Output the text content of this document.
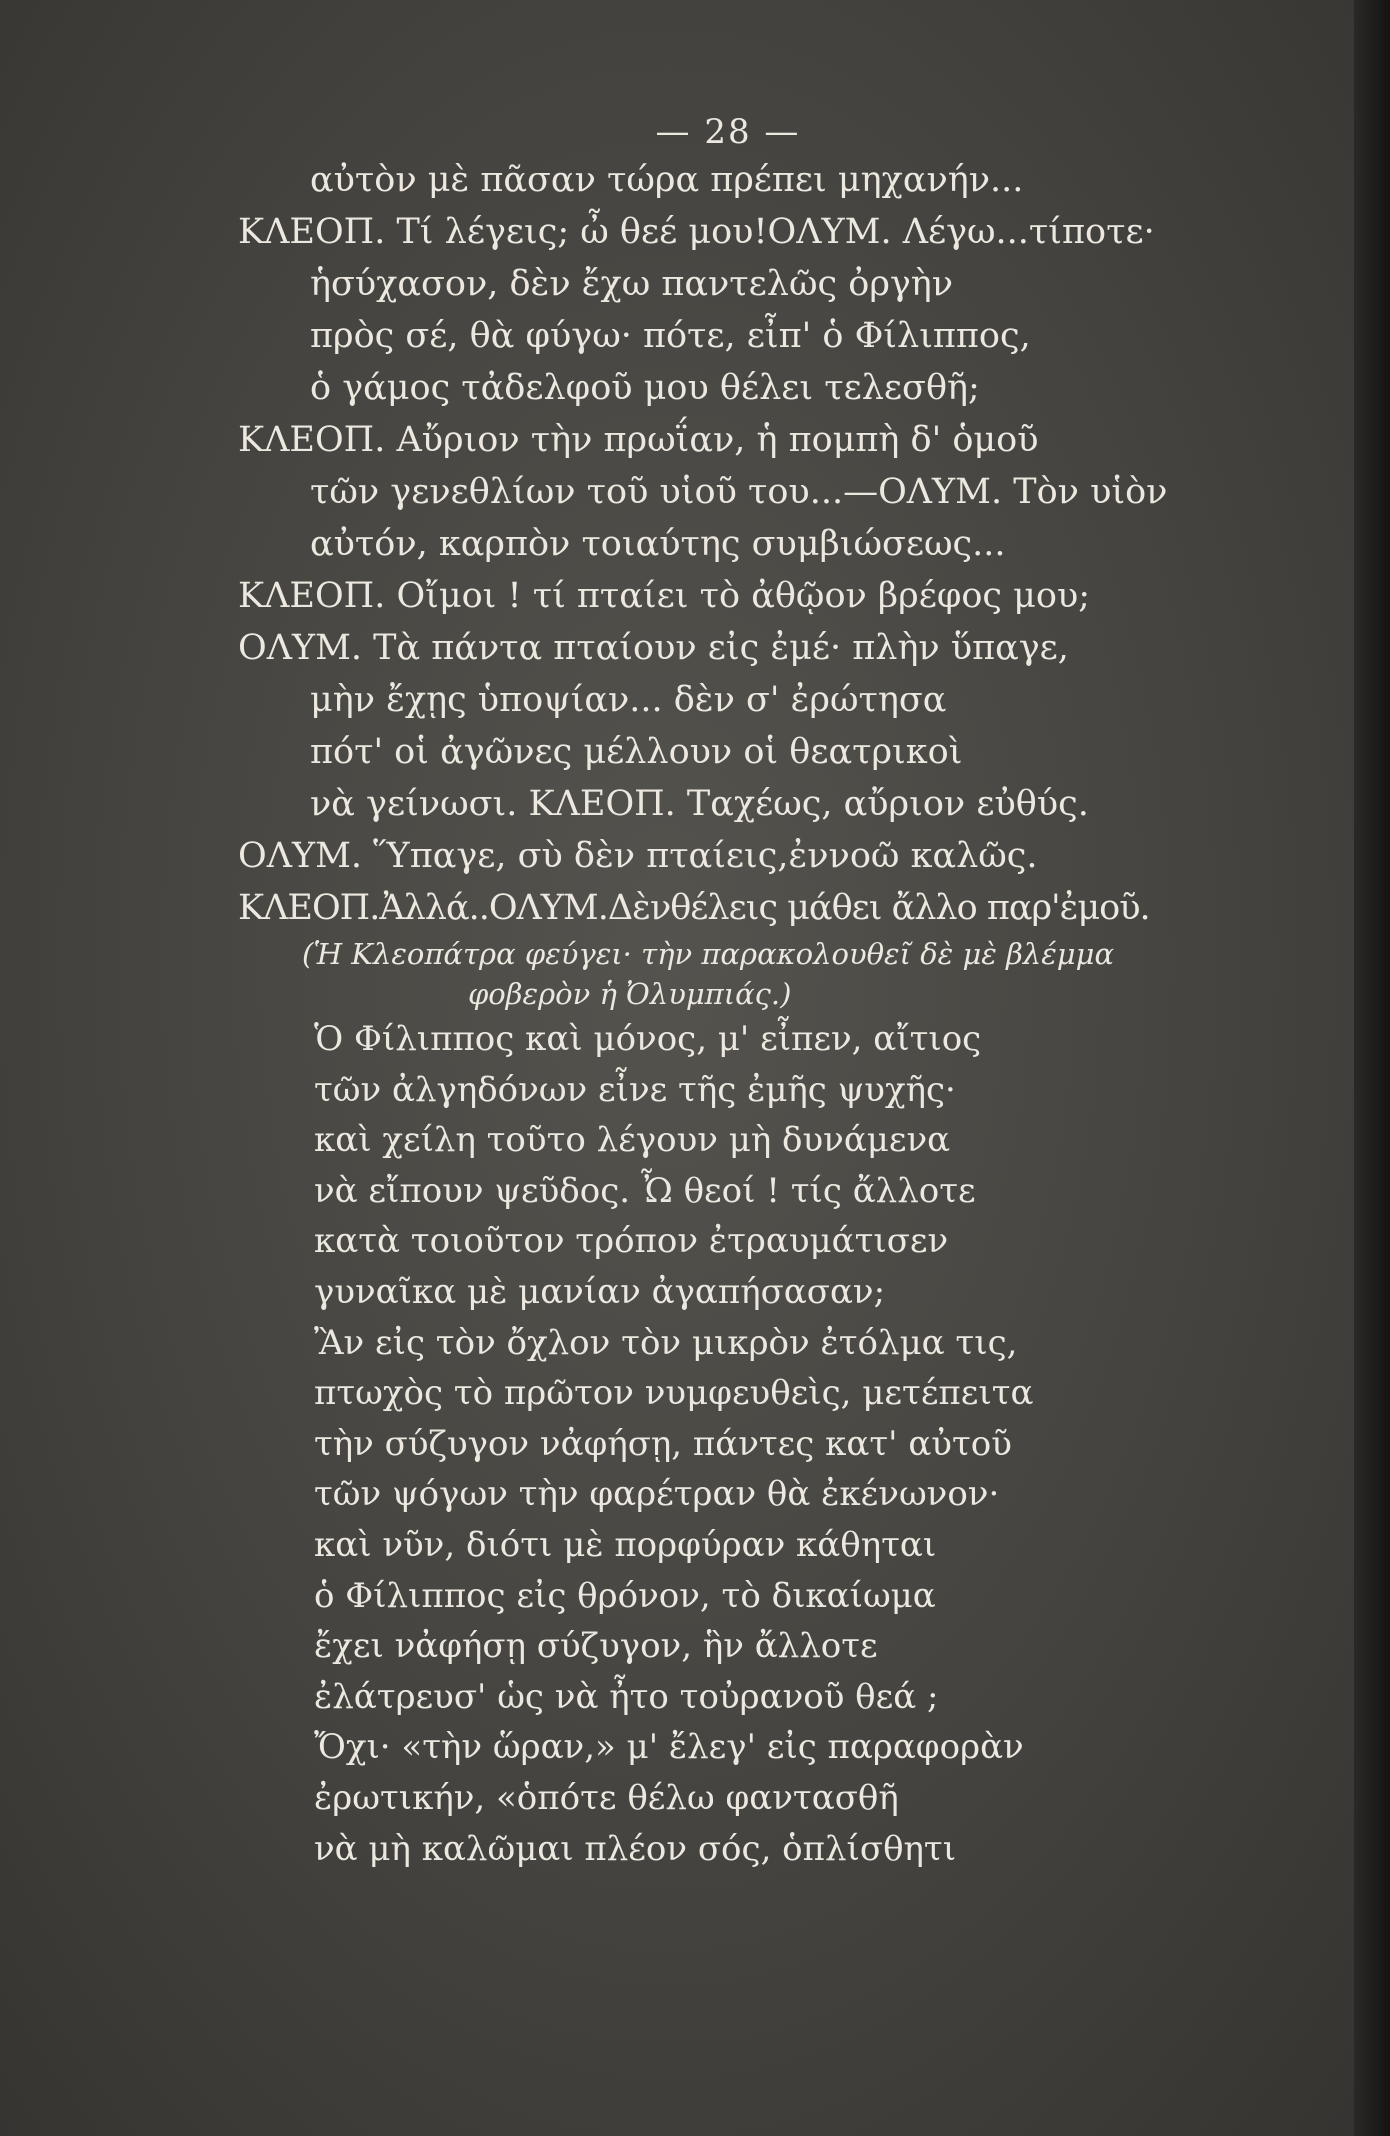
— 28 —
αὐτὸν μὲ πᾶσαν τώρα πρέπει μηχανήν...
ΚΛΕΟΠ. Τί λέγεις; ὦ θεέ μου!ΟΛΥΜ. Λέγω...τίποτε·
ἡσύχασον, δὲν ἔχω παντελῶς ὀργὴν
πρὸς σέ, θὰ φύγω· πότε, εἶπ' ὁ Φίλιππος,
ὁ γάμος τἀδελφοῦ μου θέλει τελεσθῆ;
ΚΛΕΟΠ. Αὔριον τὴν πρωΐαν, ἡ πομπὴ δ' ὁμοῦ
τῶν γενεθλίων τοῦ υἱοῦ του...—ΟΛΥΜ. Τὸν υἱὸν
αὐτόν, καρπὸν τοιαύτης συμβιώσεως...
ΚΛΕΟΠ. Οἴμοι ! τί πταίει τὸ ἀθῷον βρέφος μου;
ΟΛΥΜ. Τὰ πάντα πταίουν εἰς ἐμέ· πλὴν ὕπαγε,
μὴν ἔχῃς ὑποψίαν... δὲν σ' ἐρώτησα
πότ' οἱ ἀγῶνες μέλλουν οἱ θεατρικοὶ
νὰ γείνωσι. ΚΛΕΟΠ. Ταχέως, αὔριον εὐθύς.
ΟΛΥΜ. Ὕπαγε, σὺ δὲν πταίεις,ἐννοῶ καλῶς.
ΚΛΕΟΠ.Ἀλλά..ΟΛΥΜ.Δὲνθέλεις μάθει ἄλλο παρ'ἐμοῦ.
(Ἡ Κλεοπάτρα φεύγει· τὴν παρακολουθεῖ δὲ μὲ βλέμμα
φοβερὸν ἡ Ὀλυμπιάς.)
Ὁ Φίλιππος καὶ μόνος, μ' εἶπεν, αἴτιος
τῶν ἀλγηδόνων εἶνε τῆς ἐμῆς ψυχῆς·
καὶ χείλη τοῦτο λέγουν μὴ δυνάμενα
νὰ εἴπουν ψεῦδος. Ὦ θεοί ! τίς ἄλλοτε
κατὰ τοιοῦτον τρόπον ἐτραυμάτισεν
γυναῖκα μὲ μανίαν ἀγαπήσασαν;
Ἂν εἰς τὸν ὄχλον τὸν μικρὸν ἐτόλμα τις,
πτωχὸς τὸ πρῶτον νυμφευθεὶς, μετέπειτα
τὴν σύζυγον νἀφήσῃ, πάντες κατ' αὐτοῦ
τῶν ψόγων τὴν φαρέτραν θὰ ἐκένωνον·
καὶ νῦν, διότι μὲ πορφύραν κάθηται
ὁ Φίλιππος εἰς θρόνον, τὸ δικαίωμα
ἔχει νἀφήσῃ σύζυγον, ἣν ἄλλοτε
ἐλάτρευσ' ὡς νὰ ἦτο τοὐρανοῦ θεά ;
Ὄχι· «τὴν ὥραν,» μ' ἔλεγ' εἰς παραφορὰν
ἐρωτικήν, «ὁπότε θέλω φαντασθῆ
νὰ μὴ καλῶμαι πλέον σός, ὁπλίσθητι
